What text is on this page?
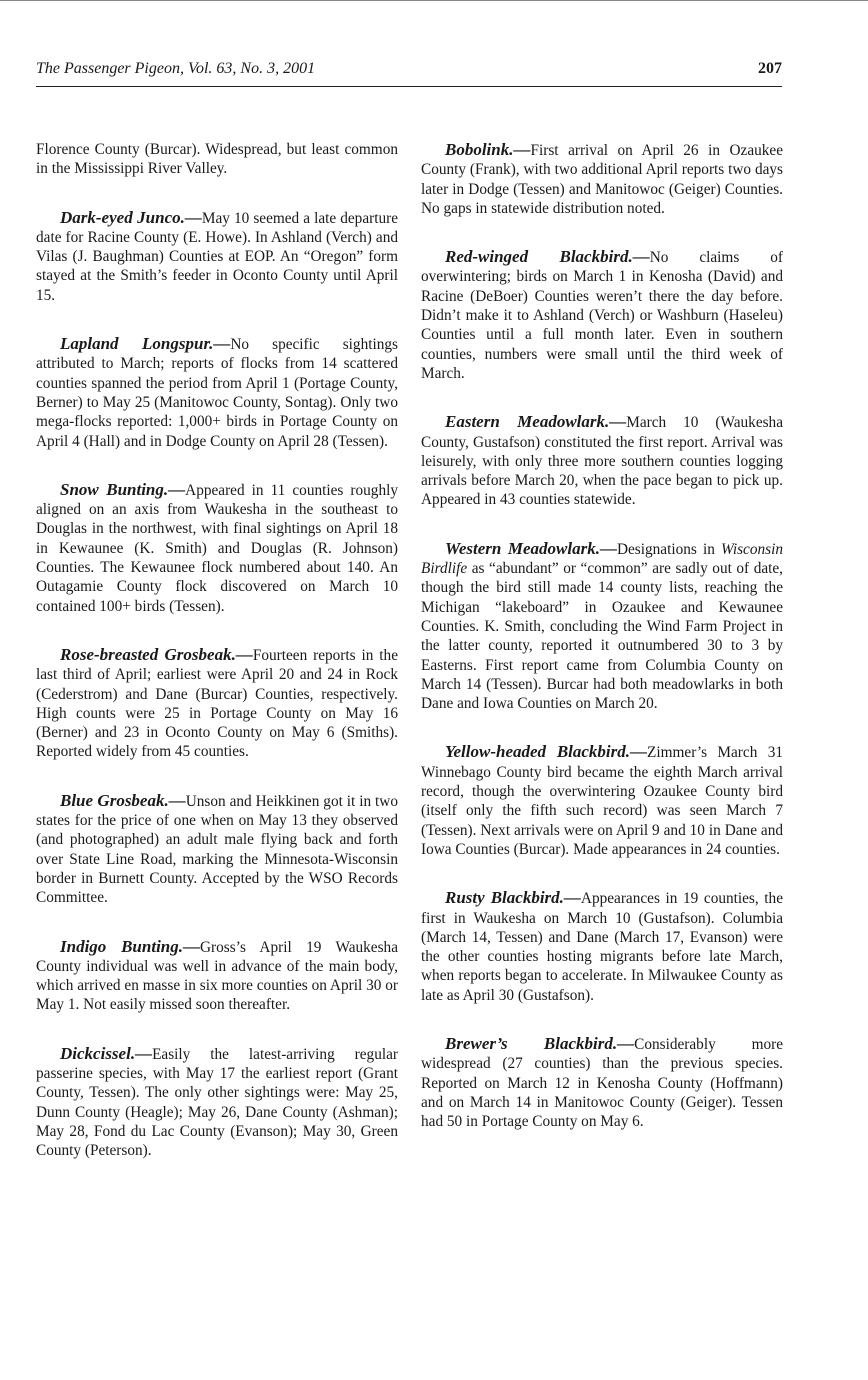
The Passenger Pigeon, Vol. 63, No. 3, 2001	207

Florence County (Burcar). Widespread, but least common in the Mississippi River Valley.

Dark-eyed Junco.—May 10 seemed a late departure date for Racine County (E. Howe). In Ashland (Verch) and Vilas (J. Baughman) Counties at EOP. An “Oregon” form stayed at the Smith’s feeder in Oconto County until April 15.

Lapland Longspur.—No specific sightings attributed to March; reports of flocks from 14 scattered counties spanned the period from April 1 (Portage County, Berner) to May 25 (Manitowoc County, Sontag). Only two mega-flocks reported: 1,000+ birds in Portage County on April 4 (Hall) and in Dodge County on April 28 (Tessen).

Snow Bunting.—Appeared in 11 counties roughly aligned on an axis from Waukesha in the southeast to Douglas in the northwest, with final sightings on April 18 in Kewaunee (K. Smith) and Douglas (R. Johnson) Counties. The Kewaunee flock numbered about 140. An Outagamie County flock discovered on March 10 contained 100+ birds (Tessen).

Rose-breasted Grosbeak.—Fourteen reports in the last third of April; earliest were April 20 and 24 in Rock (Cederstrom) and Dane (Burcar) Counties, respectively. High counts were 25 in Portage County on May 16 (Berner) and 23 in Oconto County on May 6 (Smiths). Reported widely from 45 counties.

Blue Grosbeak.—Unson and Heikkinen got it in two states for the price of one when on May 13 they observed (and photographed) an adult male flying back and forth over State Line Road, marking the Minnesota-Wisconsin border in Burnett County. Accepted by the WSO Records Committee.

Indigo Bunting.—Gross’s April 19 Waukesha County individual was well in advance of the main body, which arrived en masse in six more counties on April 30 or May 1. Not easily missed soon thereafter.

Dickcissel.—Easily the latest-arriving regular passerine species, with May 17 the earliest report (Grant County, Tessen). The only other sightings were: May 25, Dunn County (Heagle); May 26, Dane County (Ashman); May 28, Fond du Lac County (Evanson); May 30, Green County (Peterson).

Bobolink.—First arrival on April 26 in Ozaukee County (Frank), with two additional April reports two days later in Dodge (Tessen) and Manitowoc (Geiger) Counties. No gaps in statewide distribution noted.

Red-winged Blackbird.—No claims of overwintering; birds on March 1 in Kenosha (David) and Racine (DeBoer) Counties weren’t there the day before. Didn’t make it to Ashland (Verch) or Washburn (Haseleu) Counties until a full month later. Even in southern counties, numbers were small until the third week of March.

Eastern Meadowlark.—March 10 (Waukesha County, Gustafson) constituted the first report. Arrival was leisurely, with only three more southern counties logging arrivals before March 20, when the pace began to pick up. Appeared in 43 counties statewide.

Western Meadowlark.—Designations in Wisconsin Birdlife as “abundant” or “common” are sadly out of date, though the bird still made 14 county lists, reaching the Michigan “lakeboard” in Ozaukee and Kewaunee Counties. K. Smith, concluding the Wind Farm Project in the latter county, reported it outnumbered 30 to 3 by Easterns. First report came from Columbia County on March 14 (Tessen). Burcar had both meadowlarks in both Dane and Iowa Counties on March 20.

Yellow-headed Blackbird.—Zimmer’s March 31 Winnebago County bird became the eighth March arrival record, though the overwintering Ozaukee County bird (itself only the fifth such record) was seen March 7 (Tessen). Next arrivals were on April 9 and 10 in Dane and Iowa Counties (Burcar). Made appearances in 24 counties.

Rusty Blackbird.—Appearances in 19 counties, the first in Waukesha on March 10 (Gustafson). Columbia (March 14, Tessen) and Dane (March 17, Evanson) were the other counties hosting migrants before late March, when reports began to accelerate. In Milwaukee County as late as April 30 (Gustafson).

Brewer’s Blackbird.—Considerably more widespread (27 counties) than the previous species. Reported on March 12 in Kenosha County (Hoffmann) and on March 14 in Manitowoc County (Geiger). Tessen had 50 in Portage County on May 6.
